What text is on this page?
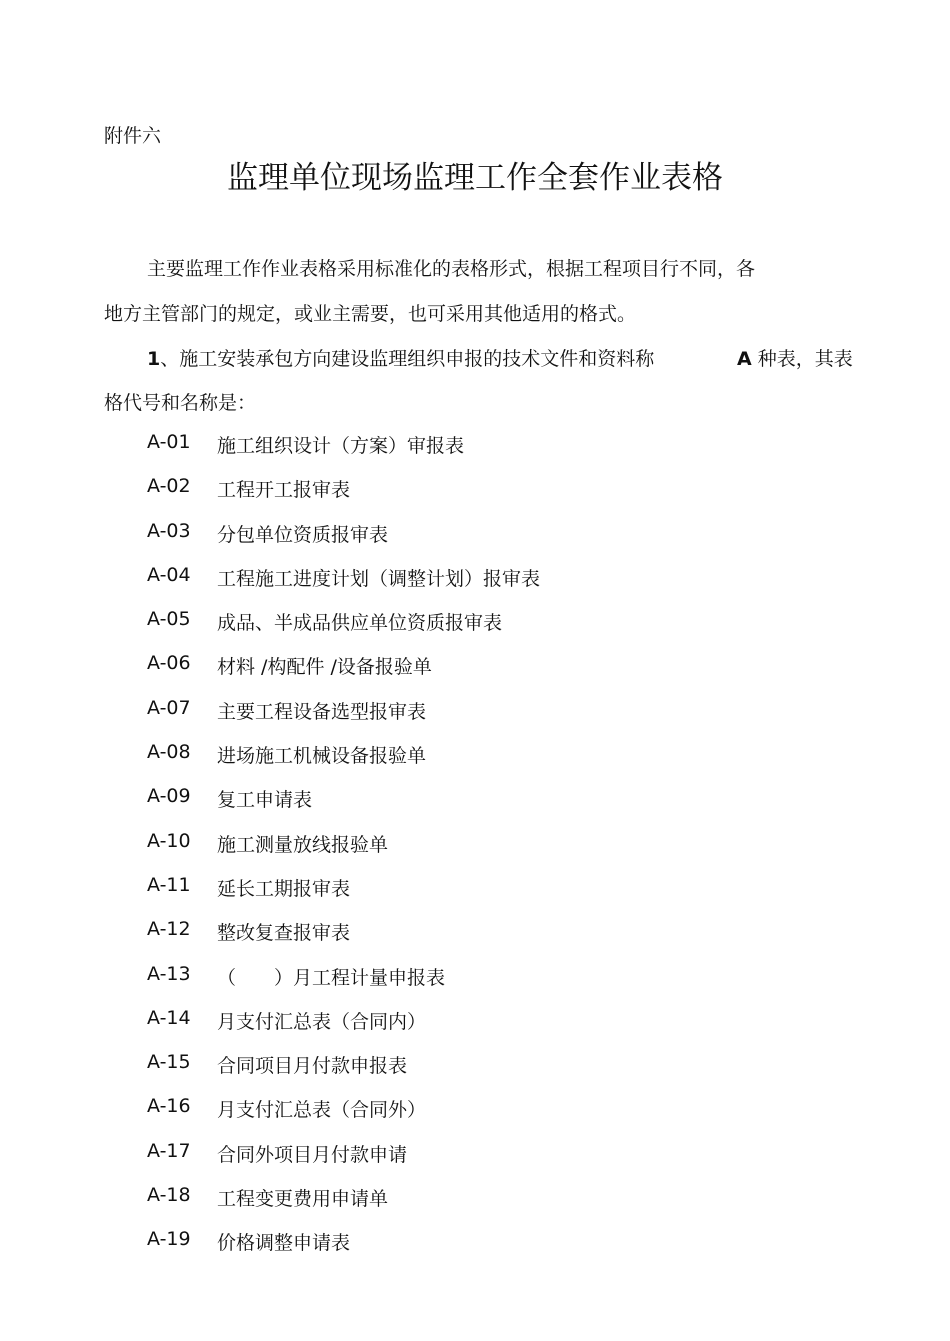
附件六
监理单位现场监理工作全套作业表格
主要监理工作作业表格采用标准化的表格形式，根据工程项目行不同，各
地方主管部门的规定，或业主需要，也可采用其他适用的格式。
1、施工安装承包方向建设监理组织申报的技术文件和资料称	A 种表，其表
格代号和名称是：
A-01	施工组织设计（方案）审报表
A-02	工程开工报审表
A-03	分包单位资质报审表
A-04	工程施工进度计划（调整计划）报审表
A-05	成品、半成品供应单位资质报审表
A-06	材料 /构配件 /设备报验单
A-07	主要工程设备选型报审表
A-08	进场施工机械设备报验单
A-09	复工申请表
A-10	施工测量放线报验单
A-11	延长工期报审表
A-12	整改复查报审表
A-13	（　　）月工程计量申报表
A-14	月支付汇总表（合同内）
A-15	合同项目月付款申报表
A-16	月支付汇总表（合同外）
A-17	合同外项目月付款申请
A-18	工程变更费用申请单
A-19	价格调整申请表
